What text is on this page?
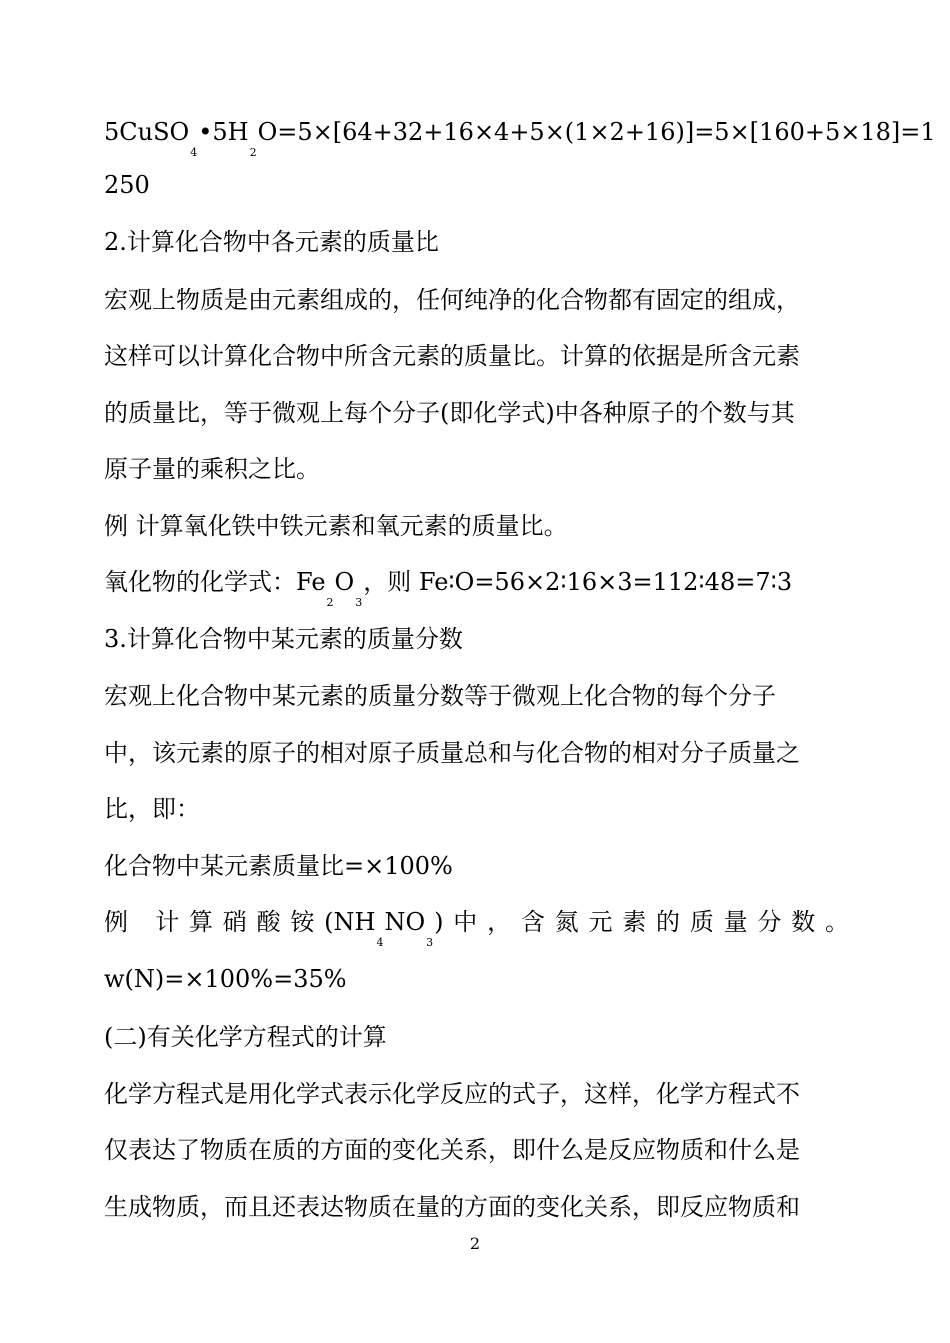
$5CuSO_4•5H_2O=5\times[64+32+16\times 4+5\times(1\times 2+16)]=5\times[160+5\times 18]=1$
250
2.计算化合物中各元素的质量比
宏观上物质是由元素组成的，任何纯净的化合物都有固定的组成，
这样可以计算化合物中所含元素的质量比。计算的依据是所含元素
的质量比，等于微观上每个分子(即化学式)中各种原子的个数与其
原子量的乘积之比。
例 计算氧化铁中铁元素和氧元素的质量比。
氧化物的化学式：$Fe_2O_3$，则 Fe∶O=56×2∶16×3=112∶48=7∶3
3.计算化合物中某元素的质量分数
宏观上化合物中某元素的质量分数等于微观上化合物的每个分子
中，该元素的原子的相对原子质量总和与化合物的相对分子质量之
比，即：
化合物中某元素质量比=×100%
例 计算硝酸铵$(NH_4NO_3)$中，含氮元素的质量分数。
w(N)=×100%=35%
(二)有关化学方程式的计算
化学方程式是用化学式表示化学反应的式子，这样，化学方程式不
仅表达了物质在质的方面的变化关系，即什么是反应物质和什么是
生成物质，而且还表达物质在量的方面的变化关系，即反应物质和
2
